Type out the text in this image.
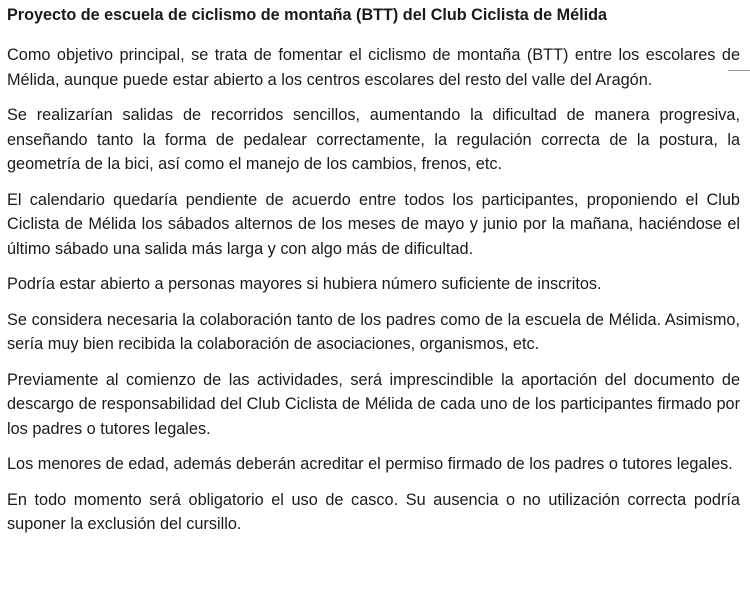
Proyecto de escuela de ciclismo de montaña (BTT) del Club Ciclista de Mélida

Como objetivo principal, se trata de fomentar el ciclismo de montaña (BTT) entre los escolares de Mélida, aunque puede estar abierto a los centros escolares del resto del valle del Aragón.

Se realizarían salidas de recorridos sencillos, aumentando la dificultad de manera progresiva, enseñando tanto la forma de pedalear correctamente, la regulación correcta de la postura, la geometría de la bici, así como el manejo de los cambios, frenos, etc.

El calendario quedaría pendiente de acuerdo entre todos los participantes, proponiendo el Club Ciclista de Mélida los sábados alternos de los meses de mayo y junio por la mañana, haciéndose el último sábado una salida más larga y con algo más de dificultad.

Podría estar abierto a personas mayores si hubiera número suficiente de inscritos.

Se considera necesaria la colaboración tanto de los padres como de la escuela de Mélida. Asimismo, sería muy bien recibida la colaboración de asociaciones, organismos, etc.

Previamente al comienzo de las actividades, será imprescindible la aportación del documento de descargo de responsabilidad del Club Ciclista de Mélida de cada uno de los participantes firmado por los padres o tutores legales.

Los menores de edad, además deberán acreditar el permiso firmado de los padres o tutores legales.

En todo momento será obligatorio el uso de casco. Su ausencia o no utilización correcta podría suponer la exclusión del cursillo.
